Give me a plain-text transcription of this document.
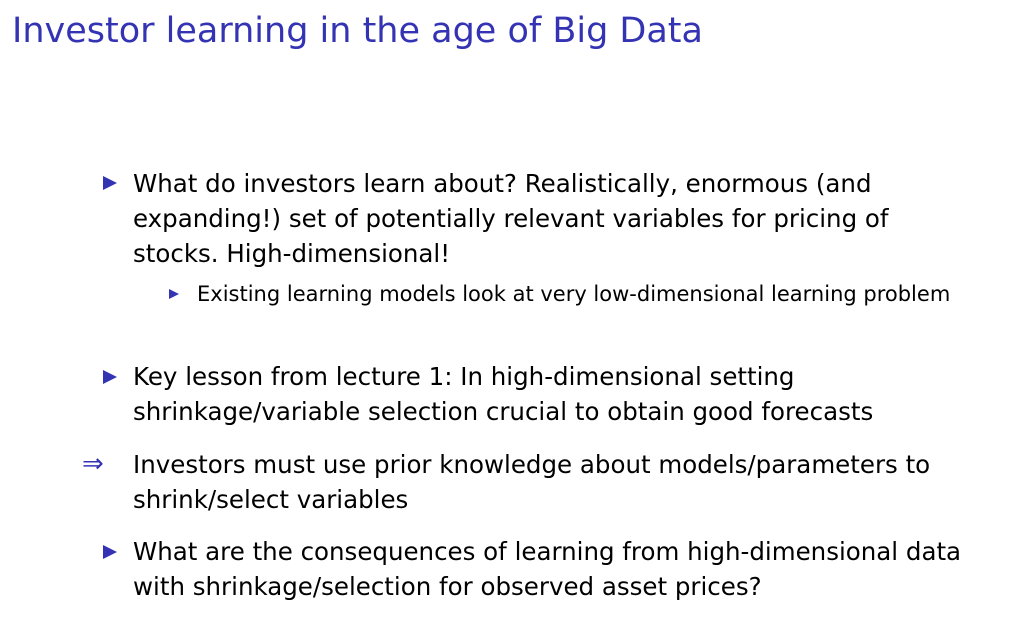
Investor learning in the age of Big Data
What do investors learn about? Realistically, enormous (and expanding!) set of potentially relevant variables for pricing of stocks. High-dimensional!
Existing learning models look at very low-dimensional learning problem
Key lesson from lecture 1: In high-dimensional setting shrinkage/variable selection crucial to obtain good forecasts
⇒ Investors must use prior knowledge about models/parameters to shrink/select variables
What are the consequences of learning from high-dimensional data with shrinkage/selection for observed asset prices?
